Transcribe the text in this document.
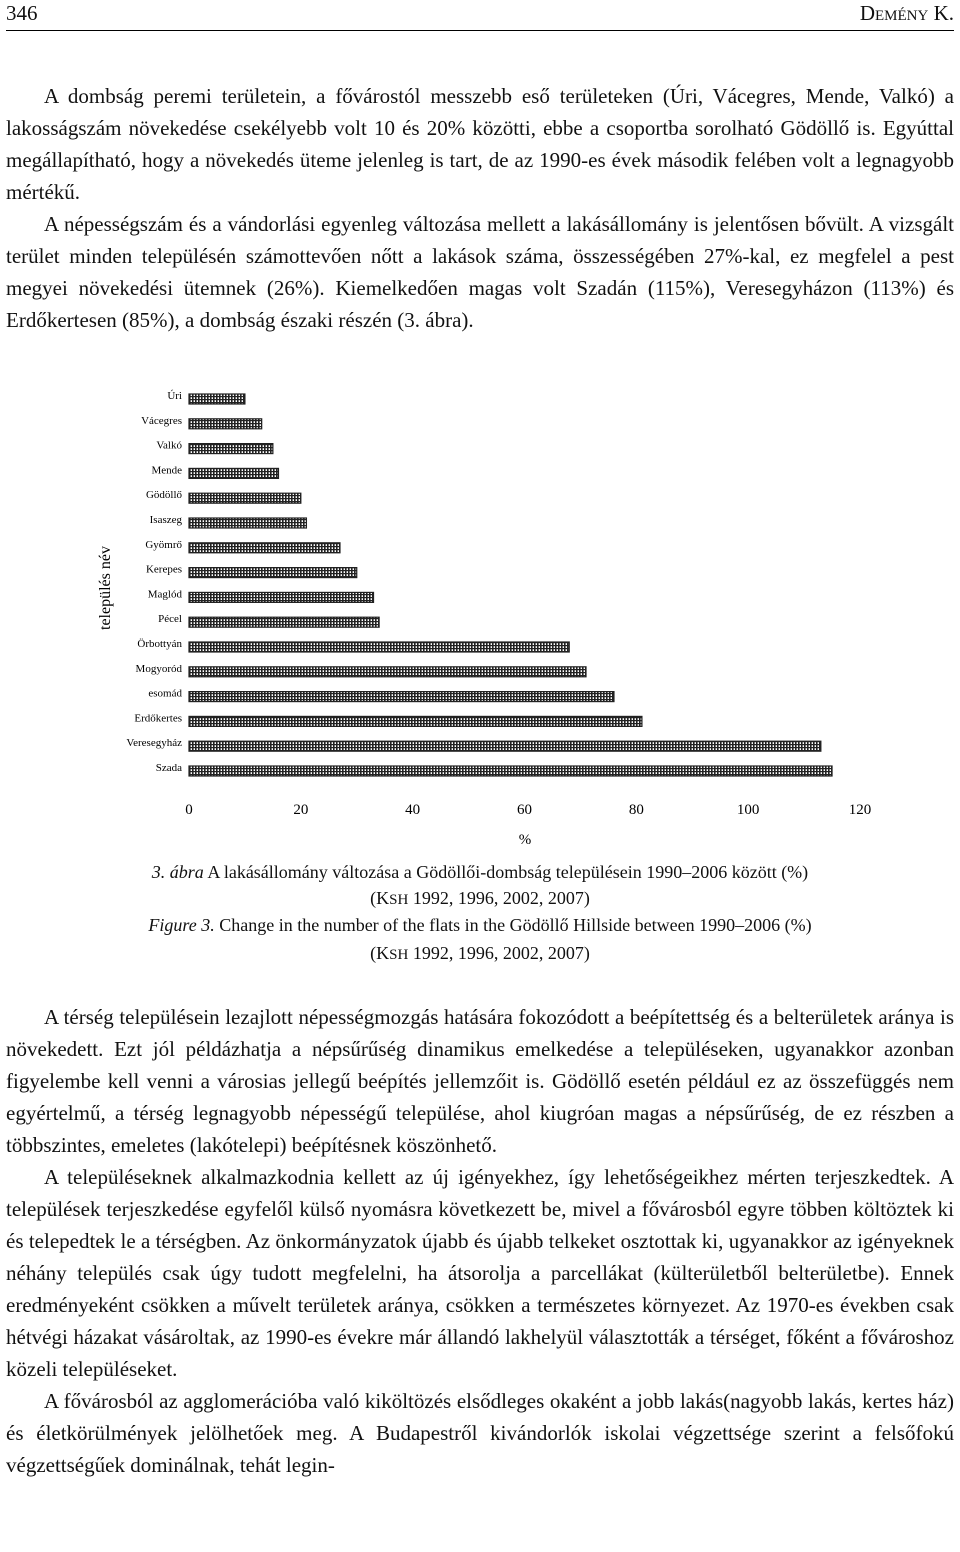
346	DEMÉNY K.

A dombság peremi területein, a fővárostól messzebb eső területeken (Úri, Vácegres, Mende, Valkó) a lakosságszám növekedése csekélyebb volt 10 és 20% közötti, ebbe a csoportba sorolható Gödöllő is. Egyúttal megállapítható, hogy a növekedés üteme jelenleg is tart, de az 1990-es évek második felében volt a legnagyobb mértékű.

A népességszám és a vándorlási egyenleg változása mellett a lakásállomány is jelentősen bővült. A vizsgált terület minden településén számottevően nőtt a lakások száma, összességében 27%-kal, ez megfelel a pest megyei növekedési ütemnek (26%). Kiemelkedően magas volt Szadán (115%), Veresegyházon (113%) és Erdőkertesen (85%), a dombság északi részén (3. ábra).

Úri
Vácegres
Valkó
Mende
Gödöllő
Isaszeg
Gyömrő
Kerepes
Maglód
Pécel
Örbottyán
Mogyoród
esomád
Erdőkertes
Veresegyház
Szada
0	20	40	60	80	100	120
%
település név
3. ábra A lakásállomány változása a Gödöllői-dombság településein 1990–2006 között (%)
(KSH 1992, 1996, 2002, 2007)
Figure 3. Change in the number of the flats in the Gödöllő Hillside between 1990–2006 (%)
(KSH 1992, 1996, 2002, 2007)

A térség településein lezajlott népességmozgás hatására fokozódott a beépítettség és a belterületek aránya is növekedett. Ezt jól példázhatja a népsűrűség dinamikus emelkedése a településeken, ugyanakkor azonban figyelembe kell venni a városias jellegű beépítés jellemzőit is. Gödöllő esetén például ez az összefüggés nem egyértelmű, a térség legnagyobb népességű települése, ahol kiugróan magas a népsűrűség, de ez részben a többszintes, emeletes (lakótelepi) beépítésnek köszönhető.

A településeknek alkalmazkodnia kellett az új igényekhez, így lehetőségeikhez mérten terjeszkedtek. A települések terjeszkedése egyfelől külső nyomásra következett be, mivel a fővárosból egyre többen költöztek ki és telepedtek le a térségben. Az önkormányzatok újabb és újabb telkeket osztottak ki, ugyanakkor az igényeknek néhány település csak úgy tudott megfelelni, ha átsorolja a parcellákat (külterületből belterületbe). Ennek eredményeként csökken a művelt területek aránya, csökken a természetes környezet. Az 1970-es években csak hétvégi házakat vásároltak, az 1990-es évekre már állandó lakhelyül választották a térséget, főként a fővároshoz közeli településeket.

A fővárosból az agglomerációba való kiköltözés elsődleges okaként a jobb lakás(nagyobb lakás, kertes ház) és életkörülmények jelölhetőek meg. A Budapestről kivándorlók iskolai végzettsége szerint a felsőfokú végzettségűek dominálnak, tehát legin-
